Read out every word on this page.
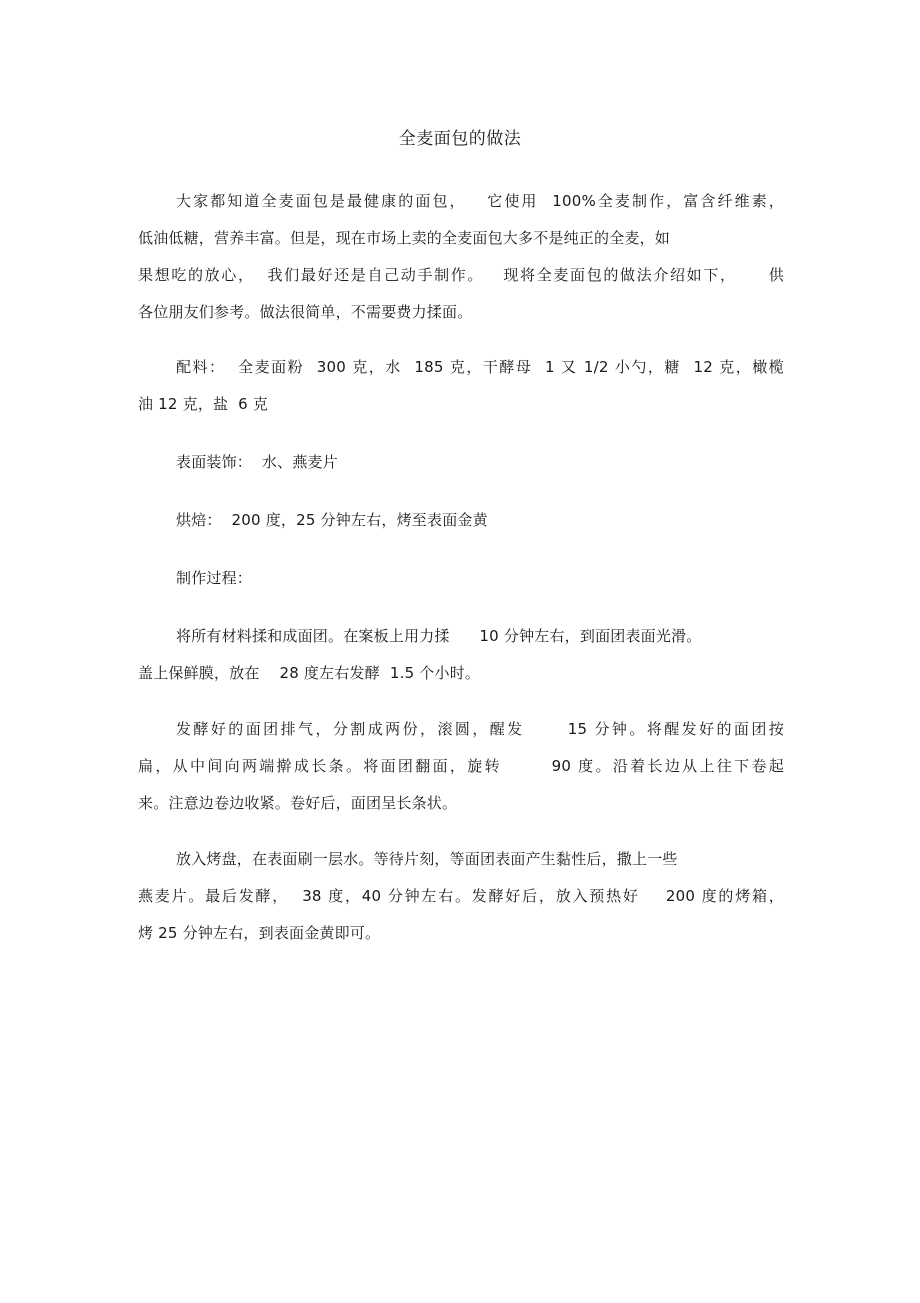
全麦面包的做法
大家都知道全麦面包是最健康的面包，   它使用  100%全麦制作，富含纤维素，
低油低糖，营养丰富。但是，现在市场上卖的全麦面包大多不是纯正的全麦，如
果想吃的放心，  我们最好还是自己动手制作。   现将全麦面包的做法介绍如下，     供
各位朋友们参考。做法很简单，不需要费力揉面。
配料：  全麦面粉  300 克，水  185 克，干酵母  1 又 1/2 小勺，糖  12 克，橄榄
油 12 克，盐  6 克
表面装饰：  水、燕麦片
烘焙：  200 度，25 分钟左右，烤至表面金黄
制作过程：
将所有材料揉和成面团。在案板上用力揉      10 分钟左右，到面团表面光滑。
盖上保鲜膜，放在    28 度左右发酵  1.5 个小时。
发酵好的面团排气，分割成两份，滚圆，醒发      15 分钟。将醒发好的面团按
扁，从中间向两端擀成长条。将面团翻面，旋转       90 度。沿着长边从上往下卷起
来。注意边卷边收紧。卷好后，面团呈长条状。
放入烤盘，在表面刷一层水。等待片刻，等面团表面产生黏性后，撒上一些
燕麦片。最后发酵，  38 度，40 分钟左右。发酵好后，放入预热好    200 度的烤箱，
烤 25 分钟左右，到表面金黄即可。
